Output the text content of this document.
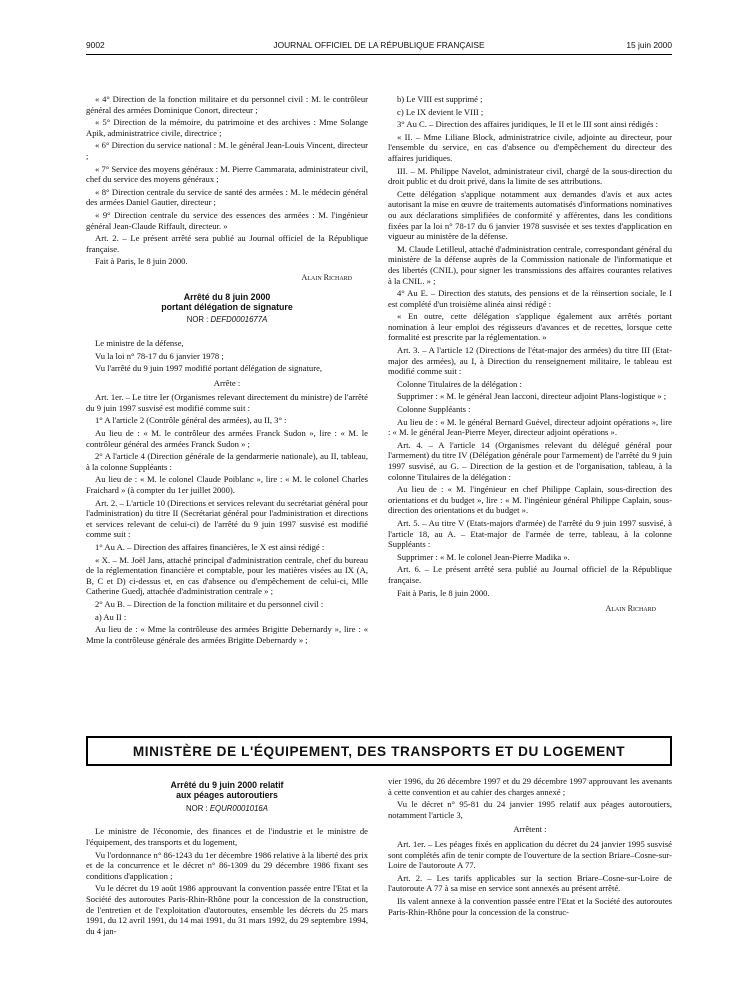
9002	JOURNAL OFFICIEL DE LA RÉPUBLIQUE FRANÇAISE	15 juin 2000

« 4° Direction de la fonction militaire et du personnel civil : M. le contrôleur général des armées Dominique Conort, directeur ;

« 5° Direction de la mémoire, du patrimoine et des archives : Mme Solange Apik, administratrice civile, directrice ;

« 6° Direction du service national : M. le général Jean-Louis Vincent, directeur ;

« 7° Service des moyens généraux : M. Pierre Cammarata, administrateur civil, chef du service des moyens généraux ;

« 8° Direction centrale du service de santé des armées : M. le médecin général des armées Daniel Gautier, directeur ;

« 9° Direction centrale du service des essences des armées : M. l'ingénieur général Jean-Claude Riffault, directeur. »

Art. 2. – Le présent arrêté sera publié au Journal officiel de la République française.

Fait à Paris, le 8 juin 2000.

Alain Richard
Arrêté du 8 juin 2000
portant délégation de signature
NOR : DEFD0001677A

Le ministre de la défense,

Vu la loi n° 78-17 du 6 janvier 1978 ;

Vu l'arrêté du 9 juin 1997 modifié portant délégation de signature,

Arrête :

Art. 1er. – Le titre Ier (Organismes relevant directement du ministre) de l'arrêté du 9 juin 1997 susvisé est modifié comme suit :

1° A l'article 2 (Contrôle général des armées), au II, 3° :

Au lieu de : « M. le contrôleur des armées Franck Sudon », lire : « M. le contrôleur général des armées Franck Sudon » ;

2° A l'article 4 (Direction générale de la gendarmerie nationale), au II, tableau, à la colonne Suppléants :

Au lieu de : « M. le colonel Claude Poiblanc », lire : « M. le colonel Charles Fraichard » (à compter du 1er juillet 2000).

Art. 2. – L'article 10 (Directions et services relevant du secrétariat général pour l'administration) du titre II (Secrétariat général pour l'administration et directions et services relevant de celui-ci) de l'arrêté du 9 juin 1997 susvisé est modifié comme suit :

1° Au A. – Direction des affaires financières, le X est ainsi rédigé :

« X. – M. Joël Jans, attaché principal d'administration centrale, chef du bureau de la réglementation financière et comptable, pour les matières visées au IX (A, B, C et D) ci-dessus et, en cas d'absence ou d'empêchement de celui-ci, Mlle Catherine Guedj, attachée d'administration centrale » ;

2° Au B. – Direction de la fonction militaire et du personnel civil :

a) Au II :

Au lieu de : « Mme la contrôleuse des armées Brigitte Debernardy », lire : « Mme la contrôleuse générale des armées Brigitte Debernardy » ;

b) Le VIII est supprimé ;

c) Le IX devient le VIII ;

3° Au C. – Direction des affaires juridiques, le II et le III sont ainsi rédigés :

« II. – Mme Liliane Block, administratrice civile, adjointe au directeur, pour l'ensemble du service, en cas d'absence ou d'empêchement du directeur des affaires juridiques.

III. – M. Philippe Navelot, administrateur civil, chargé de la sous-direction du droit public et du droit privé, dans la limite de ses attributions.

Cette délégation s'applique notamment aux demandes d'avis et aux actes autorisant la mise en œuvre de traitements automatisés d'informations nominatives ou aux déclarations simplifiées de conformité y afférentes, dans les conditions fixées par la loi n° 78-17 du 6 janvier 1978 susvisée et ses textes d'application en vigueur au ministère de la défense.

M. Claude Letilleul, attaché d'administration centrale, correspondant général du ministère de la défense auprès de la Commission nationale de l'informatique et des libertés (CNIL), pour signer les transmissions des affaires courantes relatives à la CNIL. » ;

4° Au E. – Direction des statuts, des pensions et de la réinsertion sociale, le I est complété d'un troisième alinéa ainsi rédigé :

« En outre, cette délégation s'applique également aux arrêtés portant nomination à leur emploi des régisseurs d'avances et de recettes, lorsque cette formalité est prescrite par la réglementation. »

Art. 3. – A l'article 12 (Directions de l'état-major des armées) du titre III (Etat-major des armées), au I, à Direction du renseignement militaire, le tableau est modifié comme suit :

Colonne Titulaires de la délégation :

Supprimer : « M. le général Jean Iacconi, directeur adjoint Plans-logistique » ;

Colonne Suppléants :

Au lieu de : « M. le général Bernard Guével, directeur adjoint opérations », lire : « M. le général Jean-Pierre Meyer, directeur adjoint opérations ».

Art. 4. – A l'article 14 (Organismes relevant du délégué général pour l'armement) du titre IV (Délégation générale pour l'armement) de l'arrêté du 9 juin 1997 susvisé, au G. – Direction de la gestion et de l'organisation, tableau, à la colonne Titulaires de la délégation :

Au lieu de : « M. l'ingénieur en chef Philippe Caplain, sous-direction des orientations et du budget », lire : « M. l'ingénieur général Philippe Caplain, sous-direction des orientations et du budget ».

Art. 5. – Au titre V (Etats-majors d'armée) de l'arrêté du 9 juin 1997 susvisé, à l'article 18, au A. – Etat-major de l'armée de terre, tableau, à la colonne Suppléants :

Supprimer : « M. le colonel Jean-Pierre Madika ».

Art. 6. – Le présent arrêté sera publié au Journal officiel de la République française.

Fait à Paris, le 8 juin 2000.

Alain Richard
MINISTÈRE DE L'ÉQUIPEMENT, DES TRANSPORTS ET DU LOGEMENT
Arrêté du 9 juin 2000 relatif
aux péages autoroutiers
NOR : EQUR0001016A

Le ministre de l'économie, des finances et de l'industrie et le ministre de l'équipement, des transports et du logement,

Vu l'ordonnance n° 86-1243 du 1er décembre 1986 relative à la liberté des prix et de la concurrence et le décret n° 86-1309 du 29 décembre 1986 fixant ses conditions d'application ;

Vu le décret du 19 août 1986 approuvant la convention passée entre l'Etat et la Société des autoroutes Paris-Rhin-Rhône pour la concession de la construction, de l'entretien et de l'exploitation d'autoroutes, ensemble les décrets du 25 mars 1991, du 12 avril 1991, du 14 mai 1991, du 31 mars 1992, du 29 septembre 1994, du 4 jan-

vier 1996, du 26 décembre 1997 et du 29 décembre 1997 approuvant les avenants à cette convention et au cahier des charges annexé ;

Vu le décret n° 95-81 du 24 janvier 1995 relatif aux péages autoroutiers, notamment l'article 3,

Arrêtent :

Art. 1er. – Les péages fixés en application du décret du 24 janvier 1995 susvisé sont complétés afin de tenir compte de l'ouverture de la section Briare–Cosne-sur-Loire de l'autoroute A 77.

Art. 2. – Les tarifs applicables sur la section Briare–Cosne-sur-Loire de l'autoroute A 77 à sa mise en service sont annexés au présent arrêté.

Ils valent annexe à la convention passée entre l'Etat et la Société des autoroutes Paris-Rhin-Rhône pour la concession de la construc-
